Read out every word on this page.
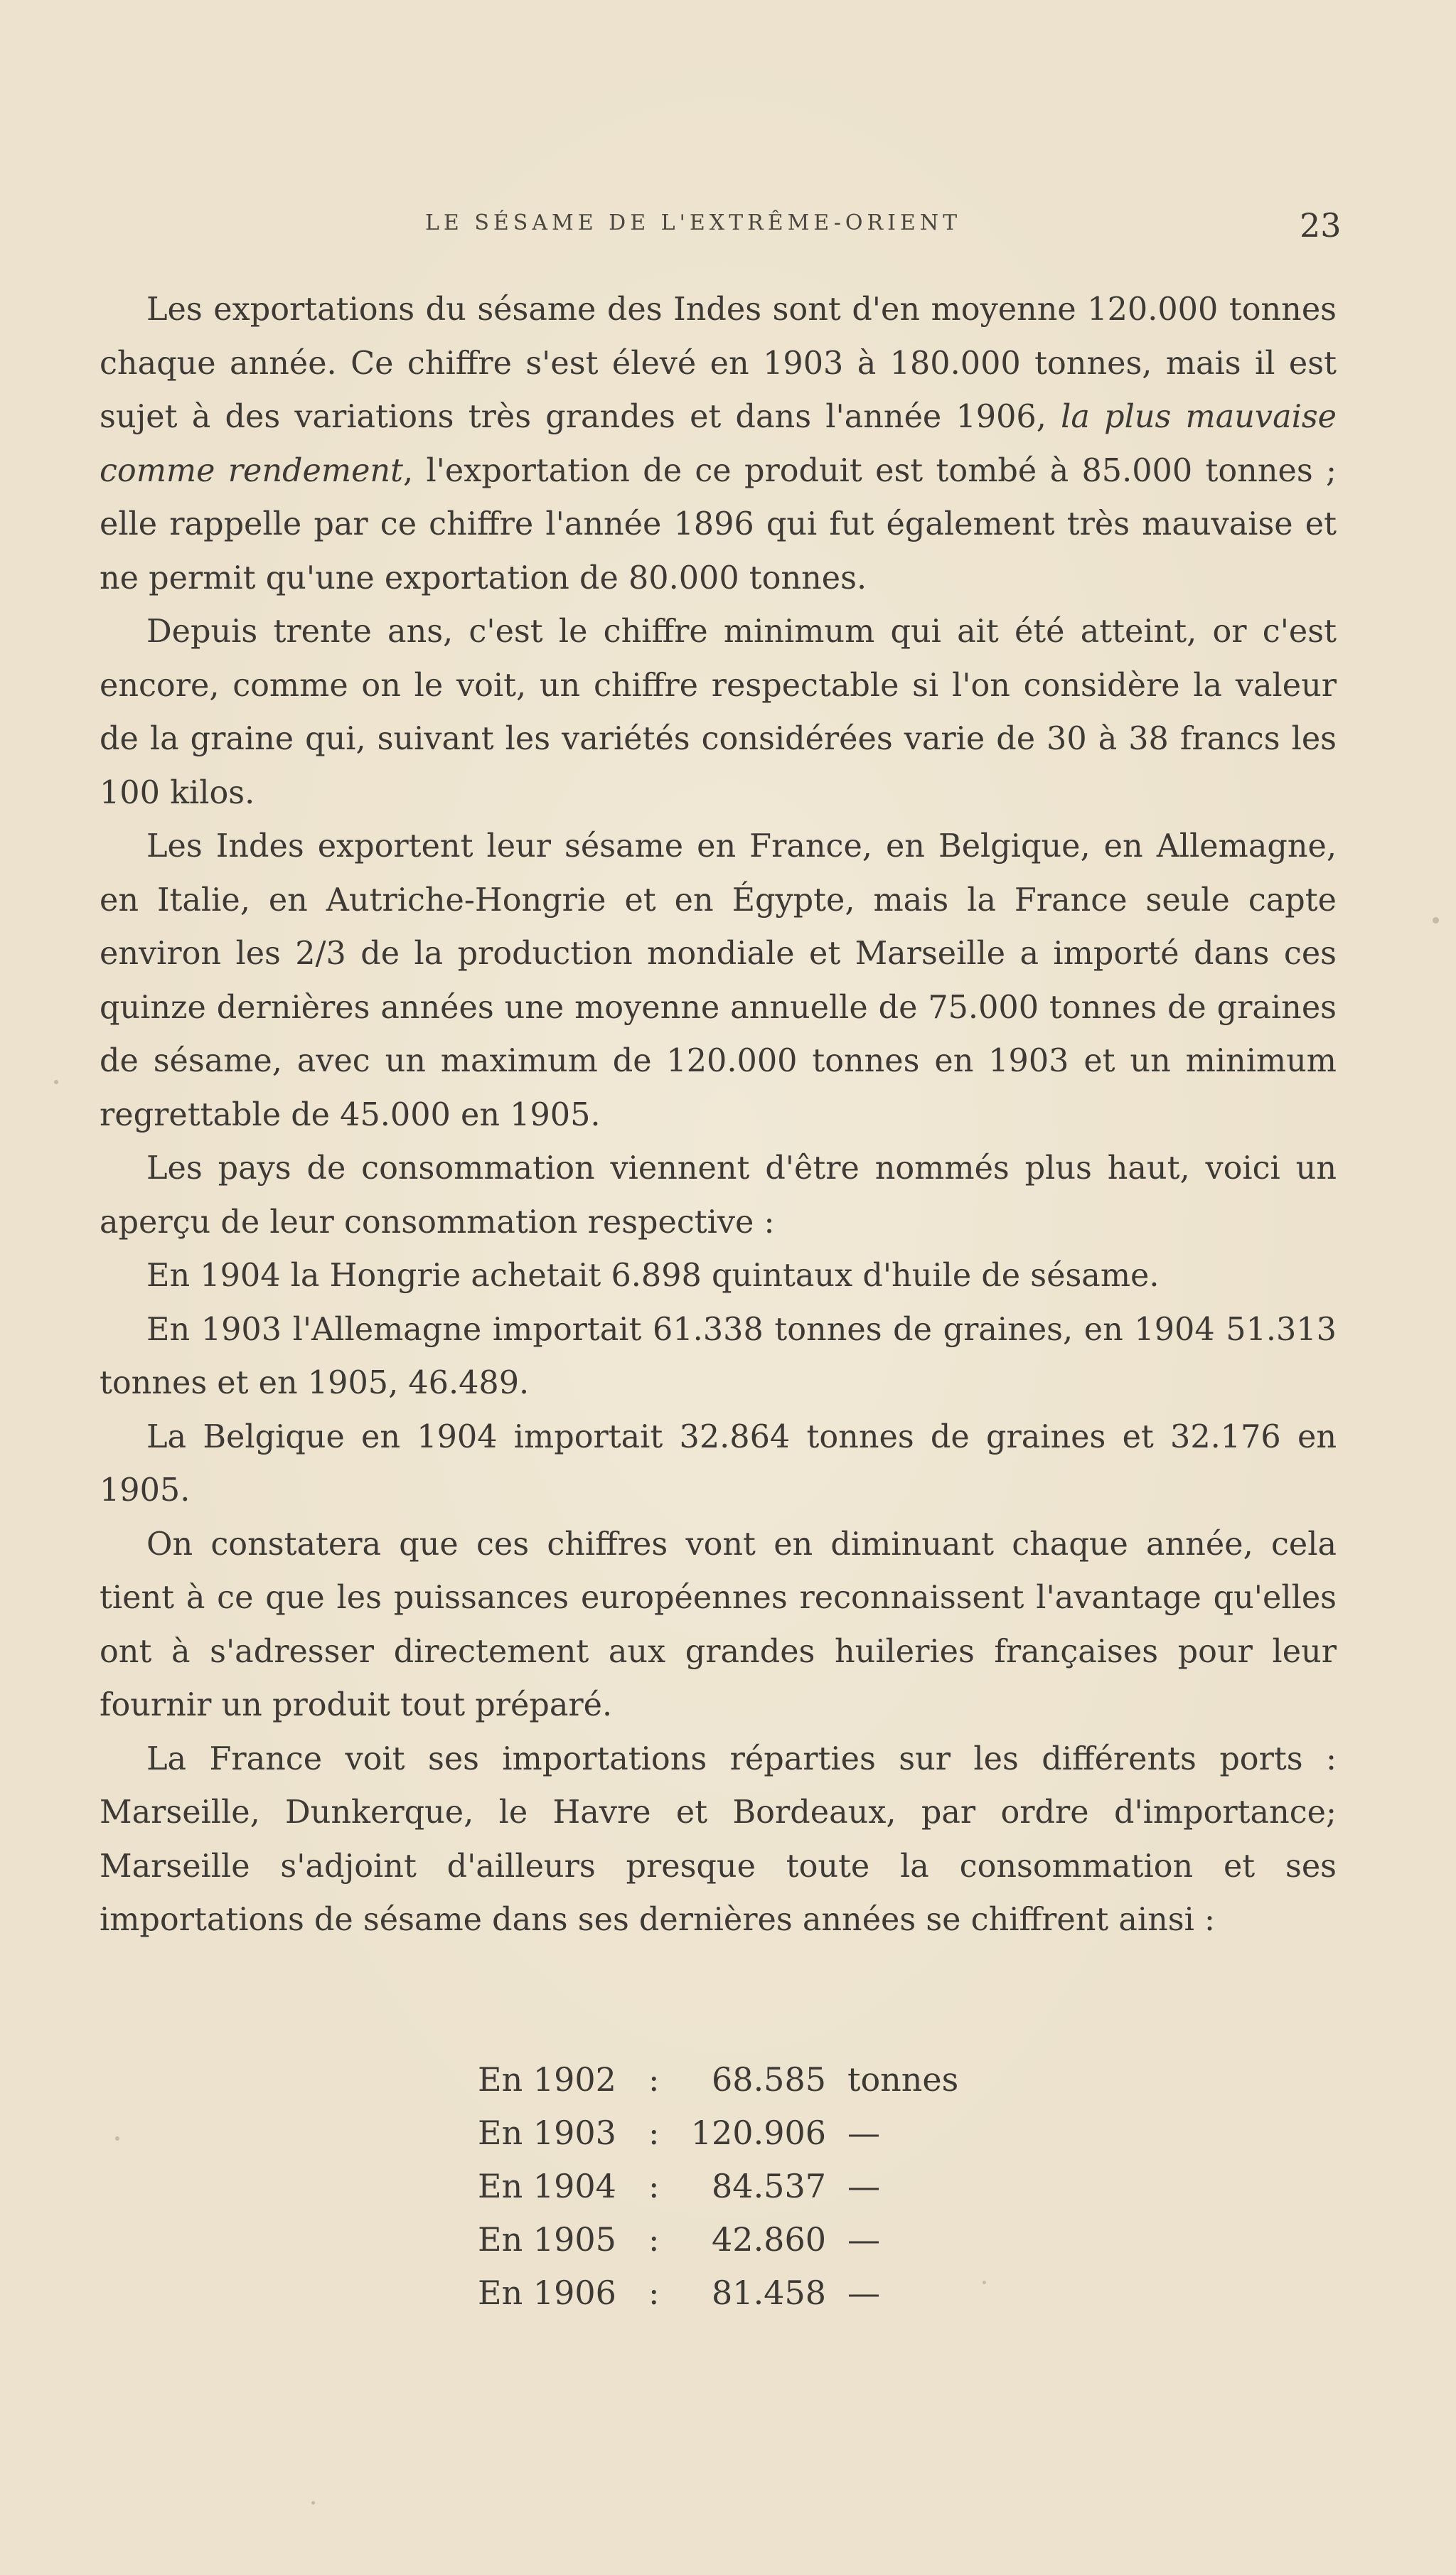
LE SÉSAME DE L'EXTRÊME-ORIENT	23

Les exportations du sésame des Indes sont d'en moyenne 120.000 tonnes chaque année. Ce chiffre s'est élevé en 1903 à 180.000 tonnes, mais il est sujet à des variations très grandes et dans l'année 1906, la plus mauvaise comme rendement, l'exportation de ce produit est tombé à 85.000 tonnes ; elle rappelle par ce chiffre l'année 1896 qui fut également très mauvaise et ne permit qu'une exportation de 80.000 tonnes.

Depuis trente ans, c'est le chiffre minimum qui ait été atteint, or c'est encore, comme on le voit, un chiffre respectable si l'on considère la valeur de la graine qui, suivant les variétés considérées varie de 30 à 38 francs les 100 kilos.

Les Indes exportent leur sésame en France, en Belgique, en Allemagne, en Italie, en Autriche-Hongrie et en Égypte, mais la France seule capte environ les 2/3 de la production mondiale et Marseille a importé dans ces quinze dernières années une moyenne annuelle de 75.000 tonnes de graines de sésame, avec un maximum de 120.000 tonnes en 1903 et un minimum regrettable de 45.000 en 1905.

Les pays de consommation viennent d'être nommés plus haut, voici un aperçu de leur consommation respective :

En 1904 la Hongrie achetait 6.898 quintaux d'huile de sésame.

En 1903 l'Allemagne importait 61.338 tonnes de graines, en 1904 51.313 tonnes et en 1905, 46.489.

La Belgique en 1904 importait 32.864 tonnes de graines et 32.176 en 1905.

On constatera que ces chiffres vont en diminuant chaque année, cela tient à ce que les puissances européennes reconnaissent l'avantage qu'elles ont à s'adresser directement aux grandes huileries françaises pour leur fournir un produit tout préparé.

La France voit ses importations réparties sur les différents ports : Marseille, Dunkerque, le Havre et Bordeaux, par ordre d'importance; Marseille s'adjoint d'ailleurs presque toute la consommation et ses importations de sésame dans ses dernières années se chiffrent ainsi :

En 1902 :	68.585 tonnes
En 1903 : 120.906 —
En 1904 :	84.537 —
En 1905 :	42.860 —
En 1906 :	81.458 —
